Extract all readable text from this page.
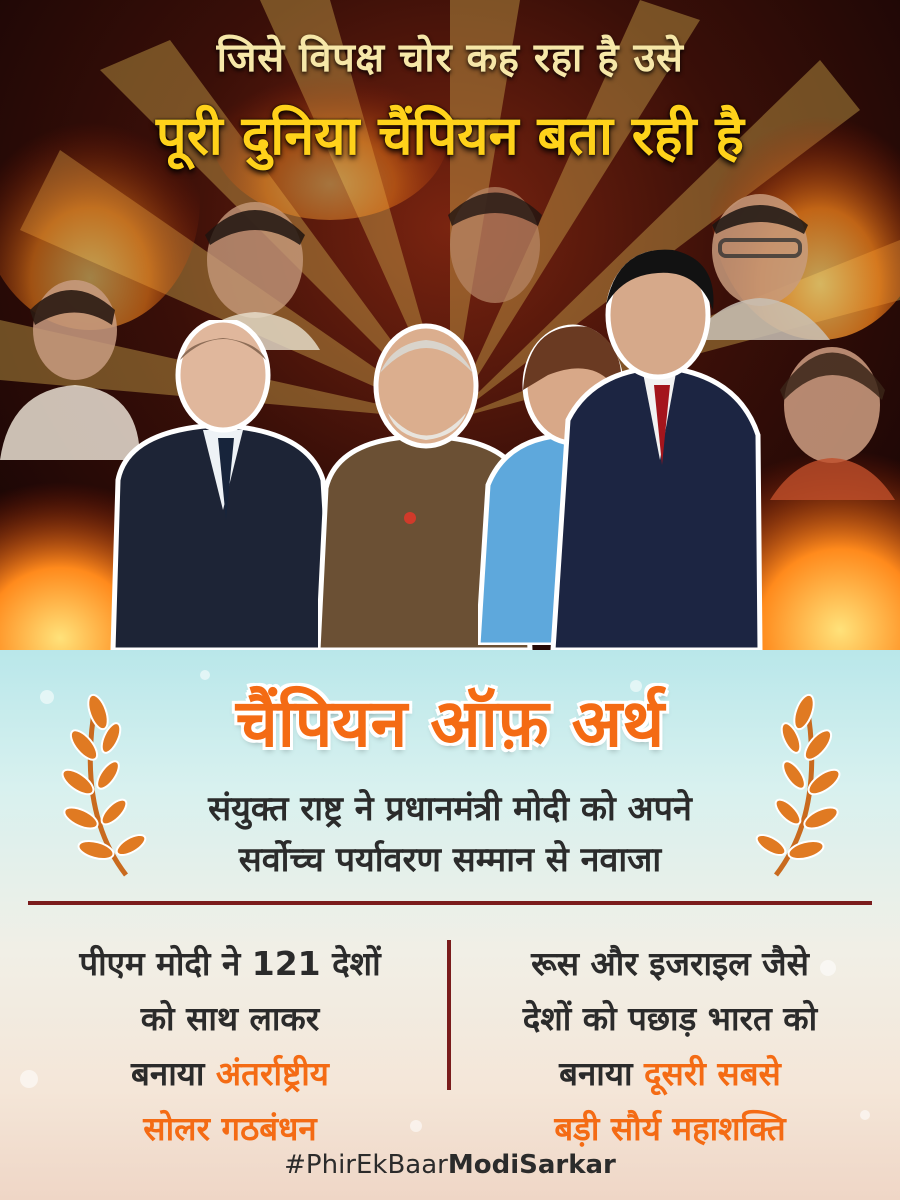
जिसे विपक्ष चोर कह रहा है उसे
पूरी दुनिया चैंपियन बता रही है
चैंपियन ऑफ़ अर्थ
संयुक्त राष्ट्र ने प्रधानमंत्री मोदी को अपने
सर्वोच्च पर्यावरण सम्मान से नवाजा
पीएम मोदी ने 121 देशों
को साथ लाकर
बनाया अंतर्राष्ट्रीय
सोलर गठबंधन
रूस और इजराइल जैसे
देशों को पछाड़ भारत को
बनाया दूसरी सबसे
बड़ी सौर्य महाशक्ति
#PhirEkBaarModiSarkar
